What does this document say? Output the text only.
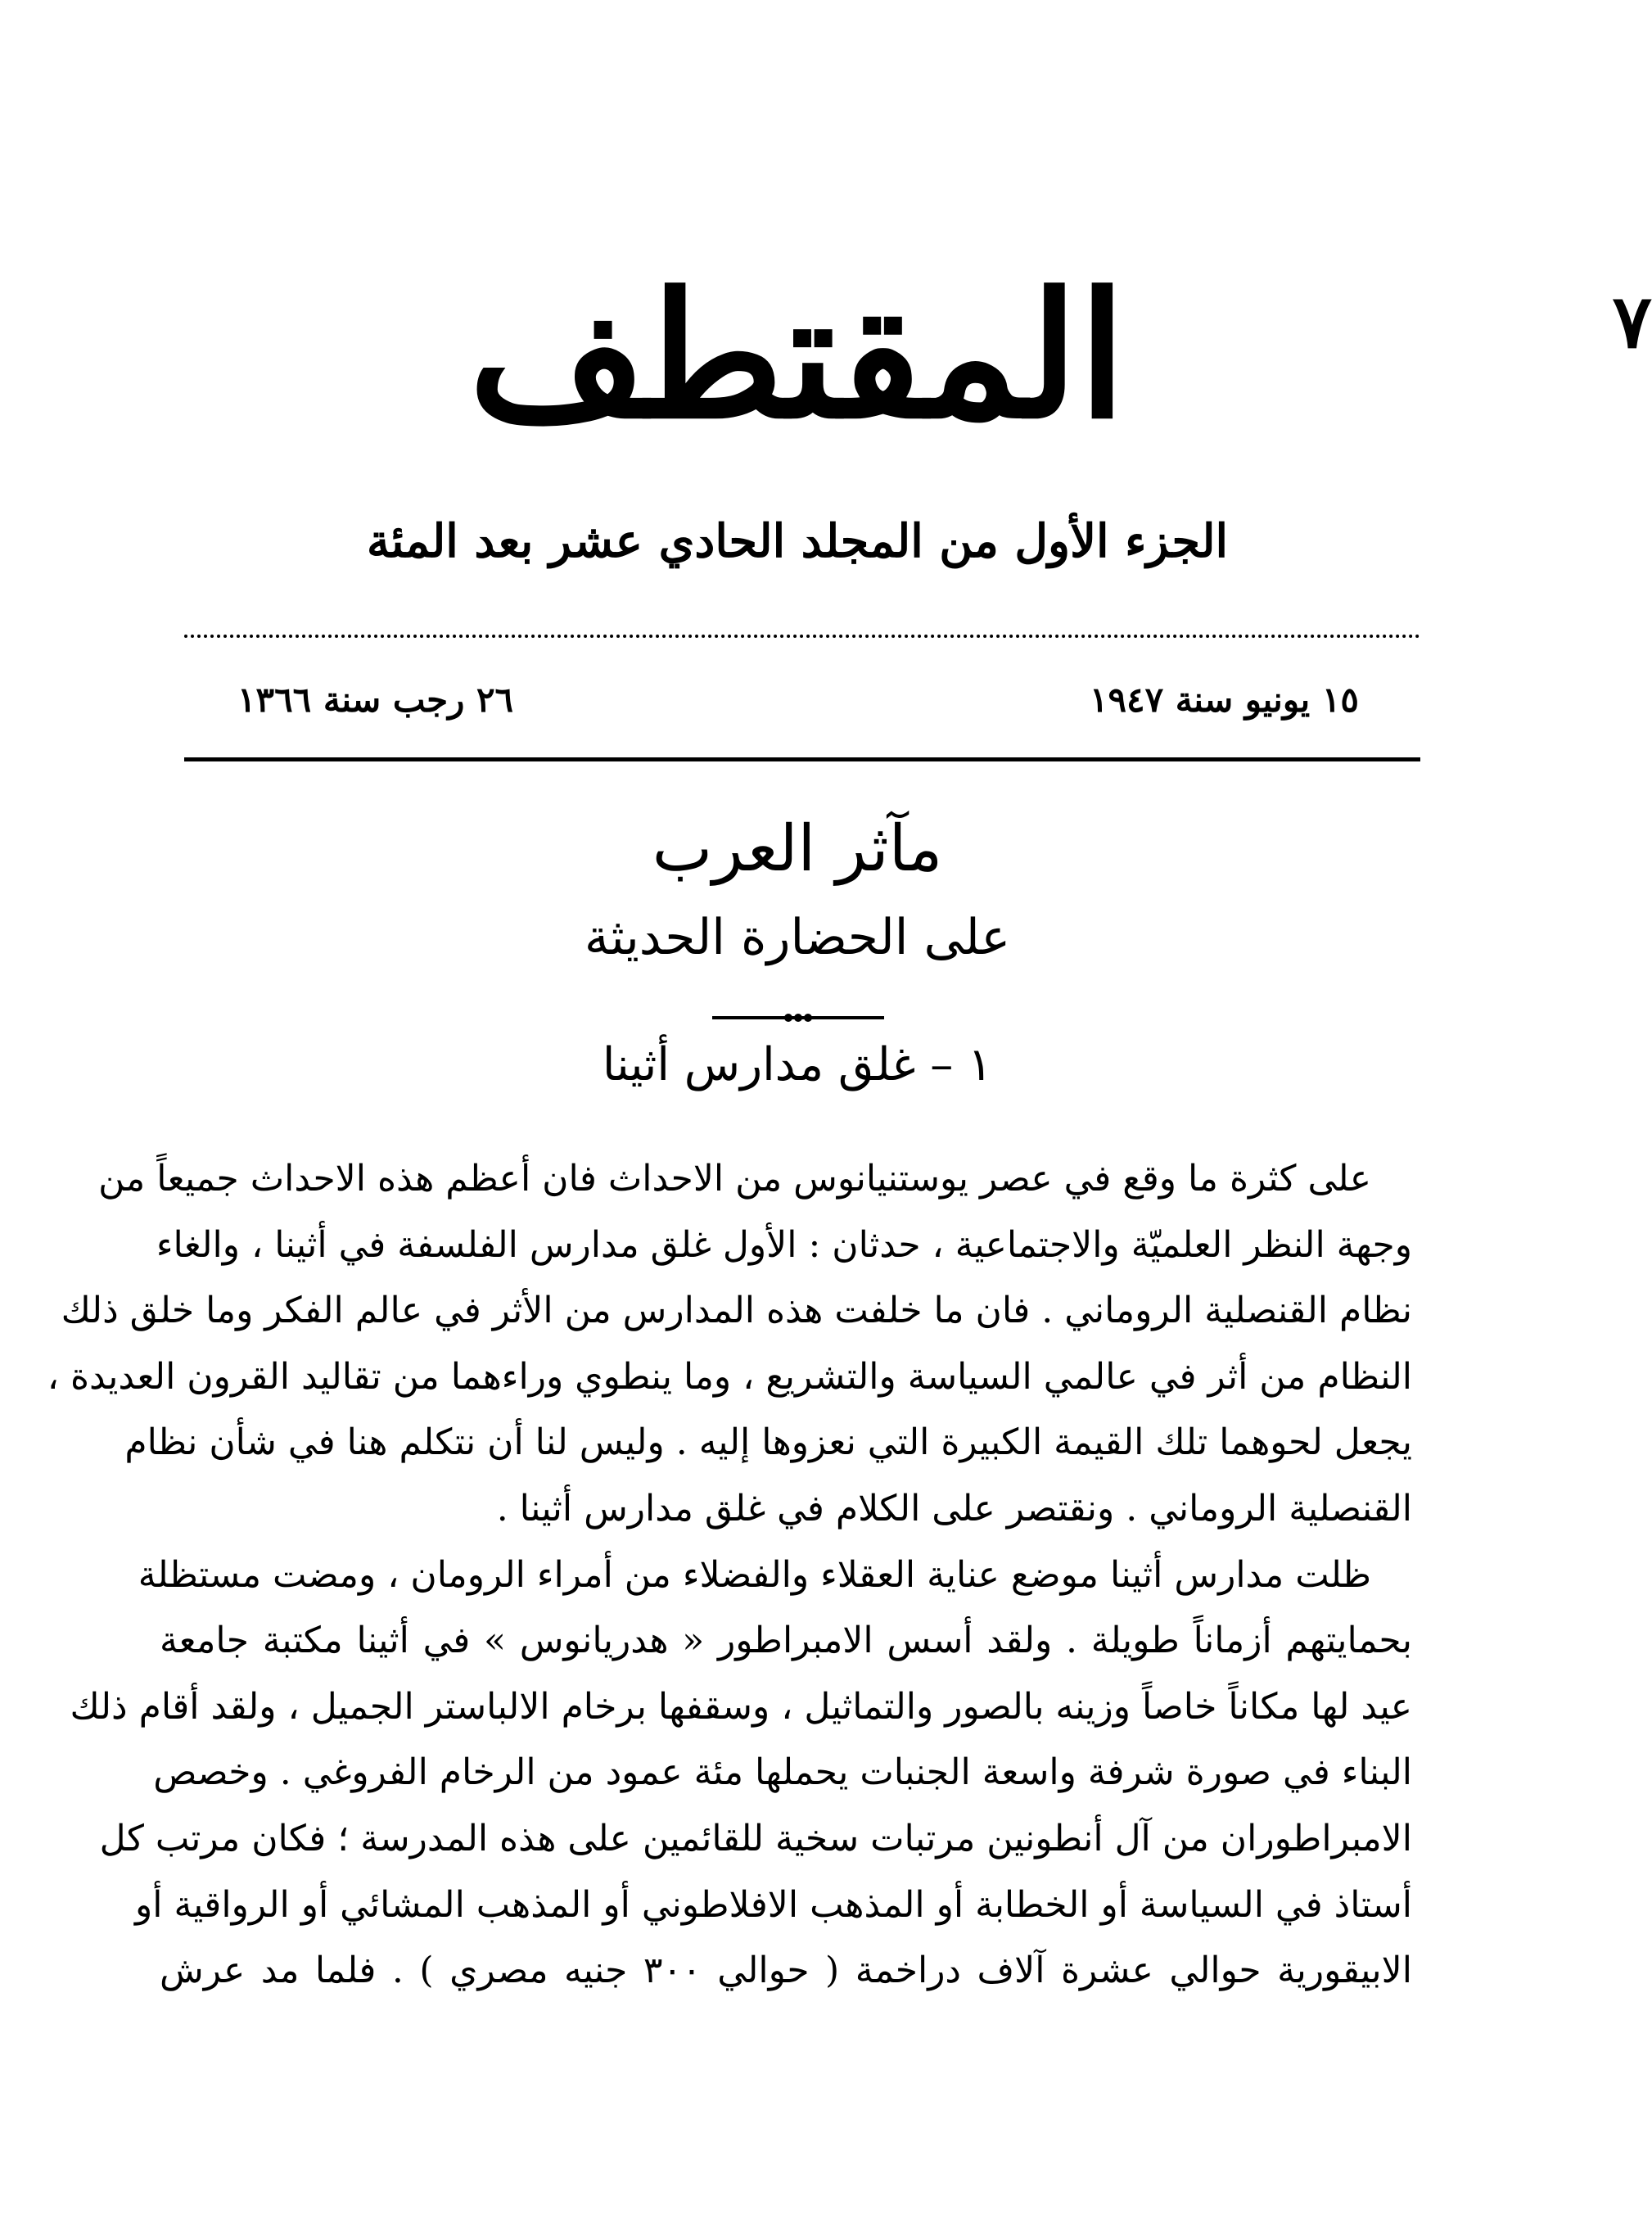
المقتطف	٧
الجزء الأول من المجلد الحادي عشر بعد المئة
١٥ يونيو سنة ١٩٤٧
٢٦ رجب سنة ١٣٦٦
مآثر العرب
على الحضارة الحديثة
١ – غلق مدارس أثينا
على كثرة ما وقع في عصر يوستنيانوس من الاحداث فان أعظم هذه الاحداث جميعاً من
وجهة النظر العلميّة والاجتماعية ، حدثان : الأول غلق مدارس الفلسفة في أثينا ، والغاء
نظام القنصلية الروماني . فان ما خلفت هذه المدارس من الأثر في عالم الفكر وما خلق ذلك
النظام من أثر في عالمي السياسة والتشريع ، وما ينطوي وراءهما من تقاليد القرون العديدة ،
يجعل لحوهما تلك القيمة الكبيرة التي نعزوها إليه . وليس لنا أن نتكلم هنا في شأن نظام
القنصلية الروماني . ونقتصر على الكلام في غلق مدارس أثينا .
ظلت مدارس أثينا موضع عناية العقلاء والفضلاء من أمراء الرومان ، ومضت مستظلة
بحمايتهم أزماناً طويلة . ولقد أسس الامبراطور « هدريانوس » في أثينا مكتبة جامعة
عيد لها مكاناً خاصاً وزينه بالصور والتماثيل ، وسقفها برخام الالباستر الجميل ، ولقد أقام ذلك
البناء في صورة شرفة واسعة الجنبات يحملها مئة عمود من الرخام الفروغي . وخصص
الامبراطوران من آل أنطونين مرتبات سخية للقائمين على هذه المدرسة ؛ فكان مرتب كل
أستاذ في السياسة أو الخطابة أو المذهب الافلاطوني أو المذهب المشائي أو الرواقية أو
الابيقورية حوالي عشرة آلاف دراخمة ( حوالي ٣٠٠ جنيه مصري ) . فلما مد عرش
